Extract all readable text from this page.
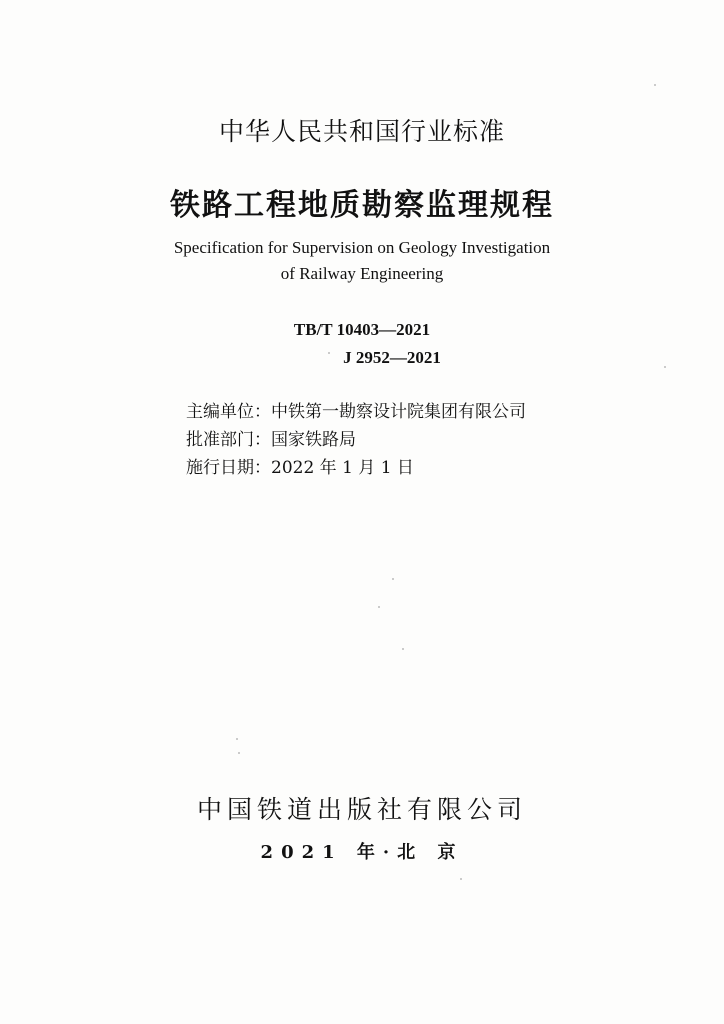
中华人民共和国行业标准
铁路工程地质勘察监理规程
Specification for Supervision on Geology Investigation
of Railway Engineering
TB/T 10403—2021
J 2952—2021
主编单位：中铁第一勘察设计院集团有限公司
批准部门：国家铁路局
施行日期：2022 年 1 月 1 日
中国铁道出版社有限公司
2021 年·北 京
